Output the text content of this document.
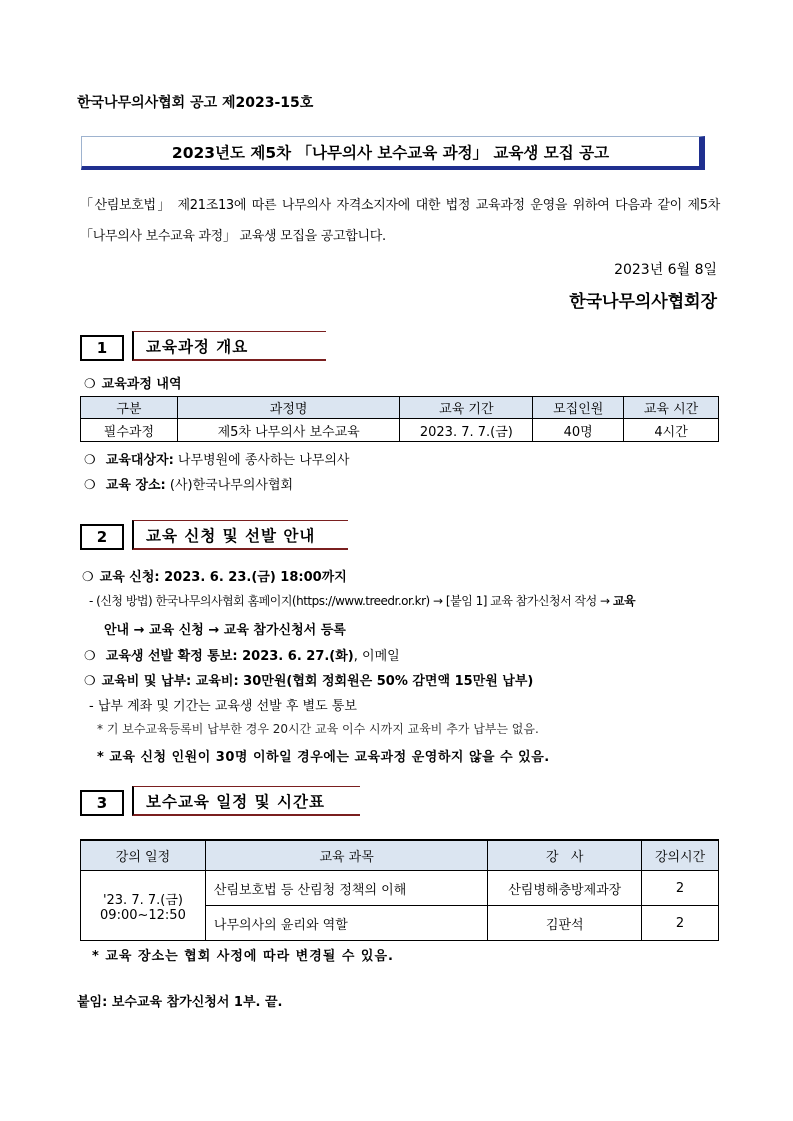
한국나무의사협회 공고 제2023-15호
2023년도 제5차 「나무의사 보수교육 과정」 교육생 모집 공고
「산림보호법」 제21조13에 따른 나무의사 자격소지자에 대한 법정 교육과정 운영을 위하여 다음과 같이 제5차 「나무의사 보수교육 과정」 교육생 모집을 공고합니다.
2023년 6월 8일
한국나무의사협회장
1	교육과정 개요
❍ 교육과정 내역
구분	과정명	교육 기간	모집인원	교육 시간
필수과정	제5차 나무의사 보수교육	2023. 7. 7.(금)	40명	4시간
❍ 교육대상자: 나무병원에 종사하는 나무의사
❍ 교육 장소: (사)한국나무의사협회
2	교육 신청 및 선발 안내
❍ 교육 신청: 2023. 6. 23.(금) 18:00까지
- (신청 방법) 한국나무의사협회 홈페이지(https://www.treedr.or.kr) → [붙임 1] 교육 참가신청서 작성 → 교육
안내 → 교육 신청 → 교육 참가신청서 등록
❍ 교육생 선발 확정 통보: 2023. 6. 27.(화), 이메일
❍ 교육비 및 납부: 교육비: 30만원(협회 정회원은 50% 감면액 15만원 납부)
- 납부 계좌 및 기간는 교육생 선발 후 별도 통보
* 기 보수교육등록비 납부한 경우 20시간 교육 이수 시까지 교육비 추가 납부는 없음.
* 교육 신청 인원이 30명 이하일 경우에는 교육과정 운영하지 않을 수 있음.
3	보수교육 일정 및 시간표
강의 일정	교육 과목	강   사	강의시간

'23. 7. 7.(금)
09:00~12:50	산림보호법 등 산림청 정책의 이해	산림병해충방제과장	2
	나무의사의 윤리와 역할	김판석	2
* 교육 장소는 협회 사정에 따라 변경될 수 있음.
붙임: 보수교육 참가신청서 1부. 끝.
